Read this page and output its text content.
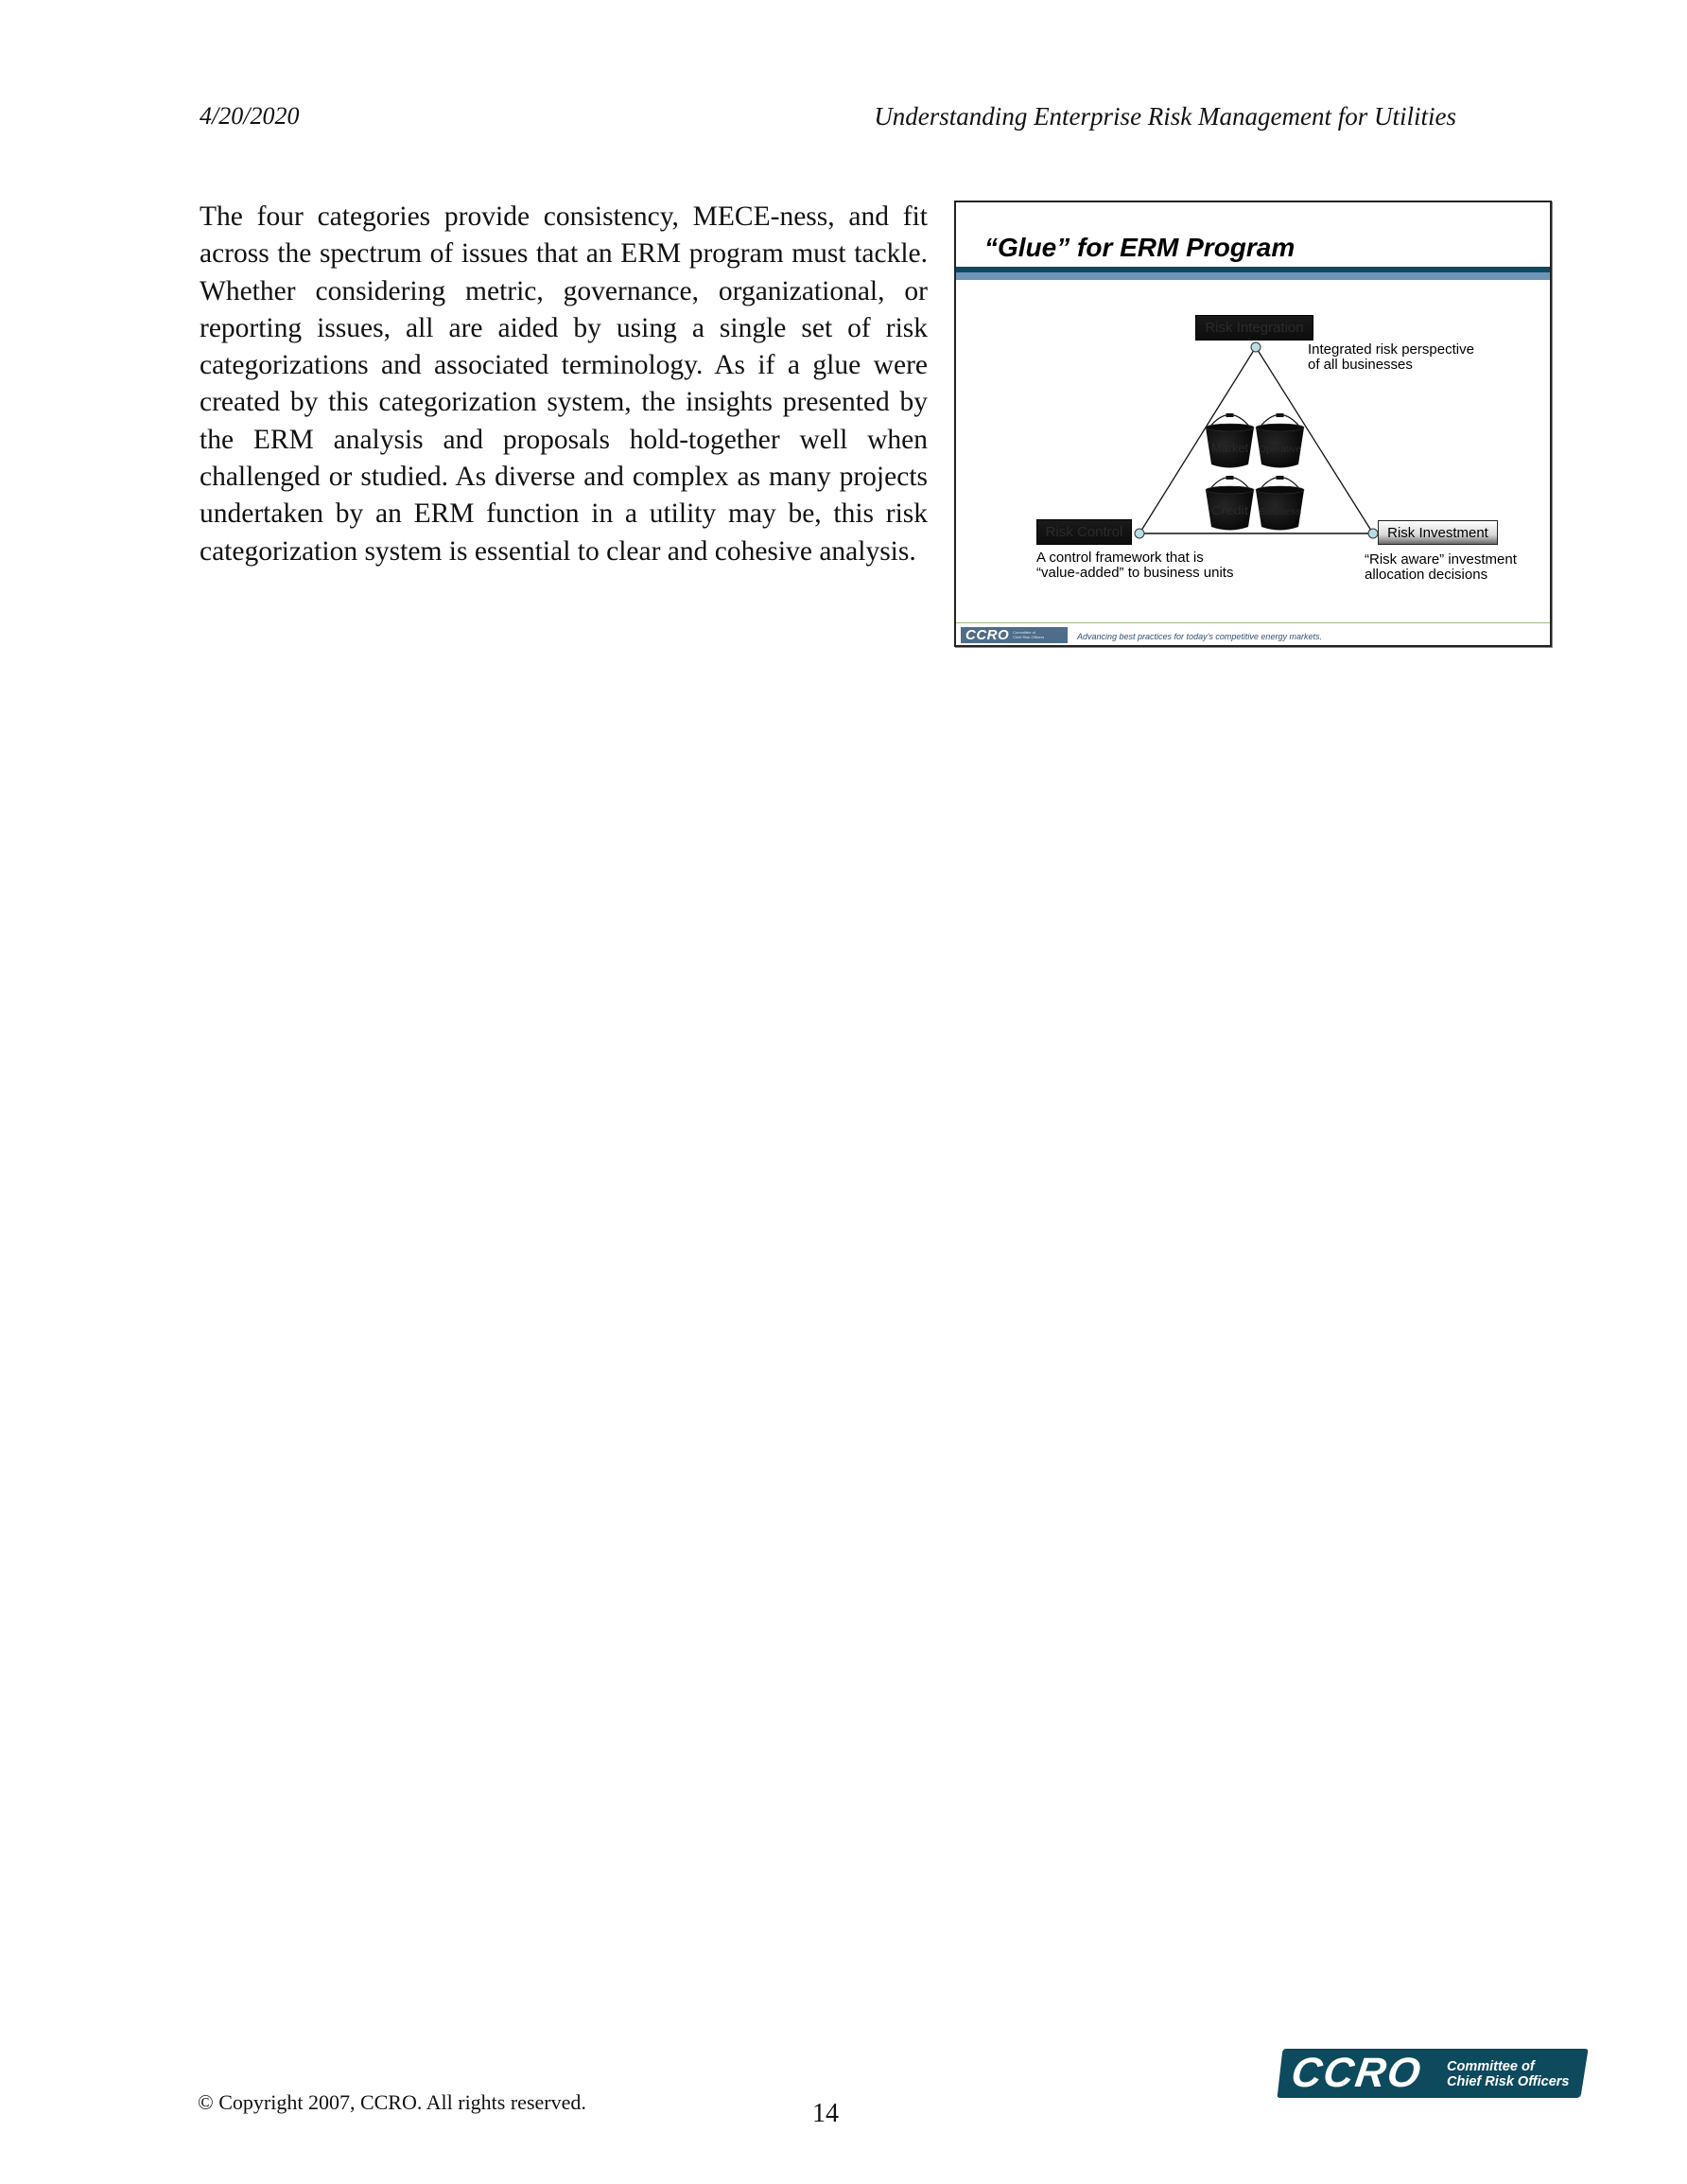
4/20/2020	Understanding Enterprise Risk Management for Utilities

The four categories provide consistency, MECE-ness, and fit across the spectrum of issues that an ERM program must tackle. Whether considering metric, governance, organizational, or reporting issues, all are aided by using a single set of risk categorizations and associated terminology. As if a glue were created by this categorization system, the insights presented by the ERM analysis and proposals hold-together well when challenged or studied. As diverse and complex as many projects undertaken by an ERM function in a utility may be, this risk categorization system is essential to clear and cohesive analysis.

“Glue” for ERM Program
Market Operative
Credit Business
Risk Integration
Integrated risk perspective
of all businesses
Risk Control
A control framework that is
“value-added” to business units
Risk Investment
“Risk aware” investment
allocation decisions
CCRO Committee of
Chief Risk Officers	Advancing best practices for today’s competitive energy markets.
© Copyright 2007, CCRO. All rights reserved.	14
CCRO Committee of
Chief Risk Officers
